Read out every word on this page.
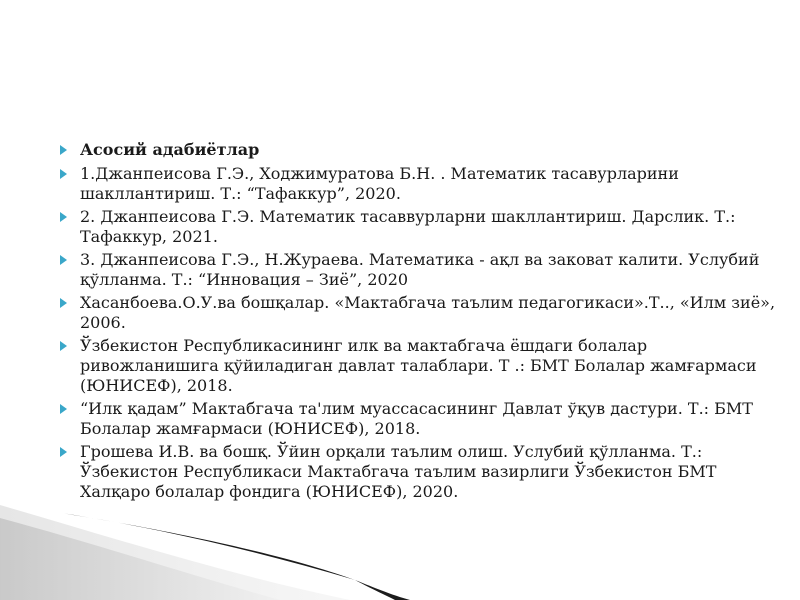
Асосий адабиётлар
1.Джанпеисова Г.Э., Ходжимуратова Б.Н. . Математик тасавурларини шакллантириш. Т.: “Тафаккур”, 2020.
2. Джанпеисова Г.Э. Математик тасаввурларни шакллантириш. Дарслик. Т.: Тафаккур, 2021.
3. Джанпеисова Г.Э., Н.Жураева. Математика - ақл ва заковат калити. Услубий қўлланма. Т.: “Инновация – Зиё”, 2020
Хасанбоева.О.У.ва бошқалар. «Мактабгача таълим педагогикаси».Т.., «Илм зиё», 2006.
Ўзбекистон Республикасининг илк ва мактабгача ёшдаги болалар ривожланишига қўйиладиган давлат талаблари. Т .: БМТ Болалар жамғармаси (ЮНИСЕФ), 2018.
“Илк қадам” Мактабгача та'лим муассасасининг Давлат ўқув дастури. Т.: БМТ Болалар жамғармаси (ЮНИСЕФ), 2018.
Грошева И.В. ва бошқ. Ўйин орқали таълим олиш. Услубий қўлланма. Т.: Ўзбекистон Республикаси Мактабгача таълим вазирлиги Ўзбекистон БМТ Халқаро болалар фондига (ЮНИСЕФ), 2020.
